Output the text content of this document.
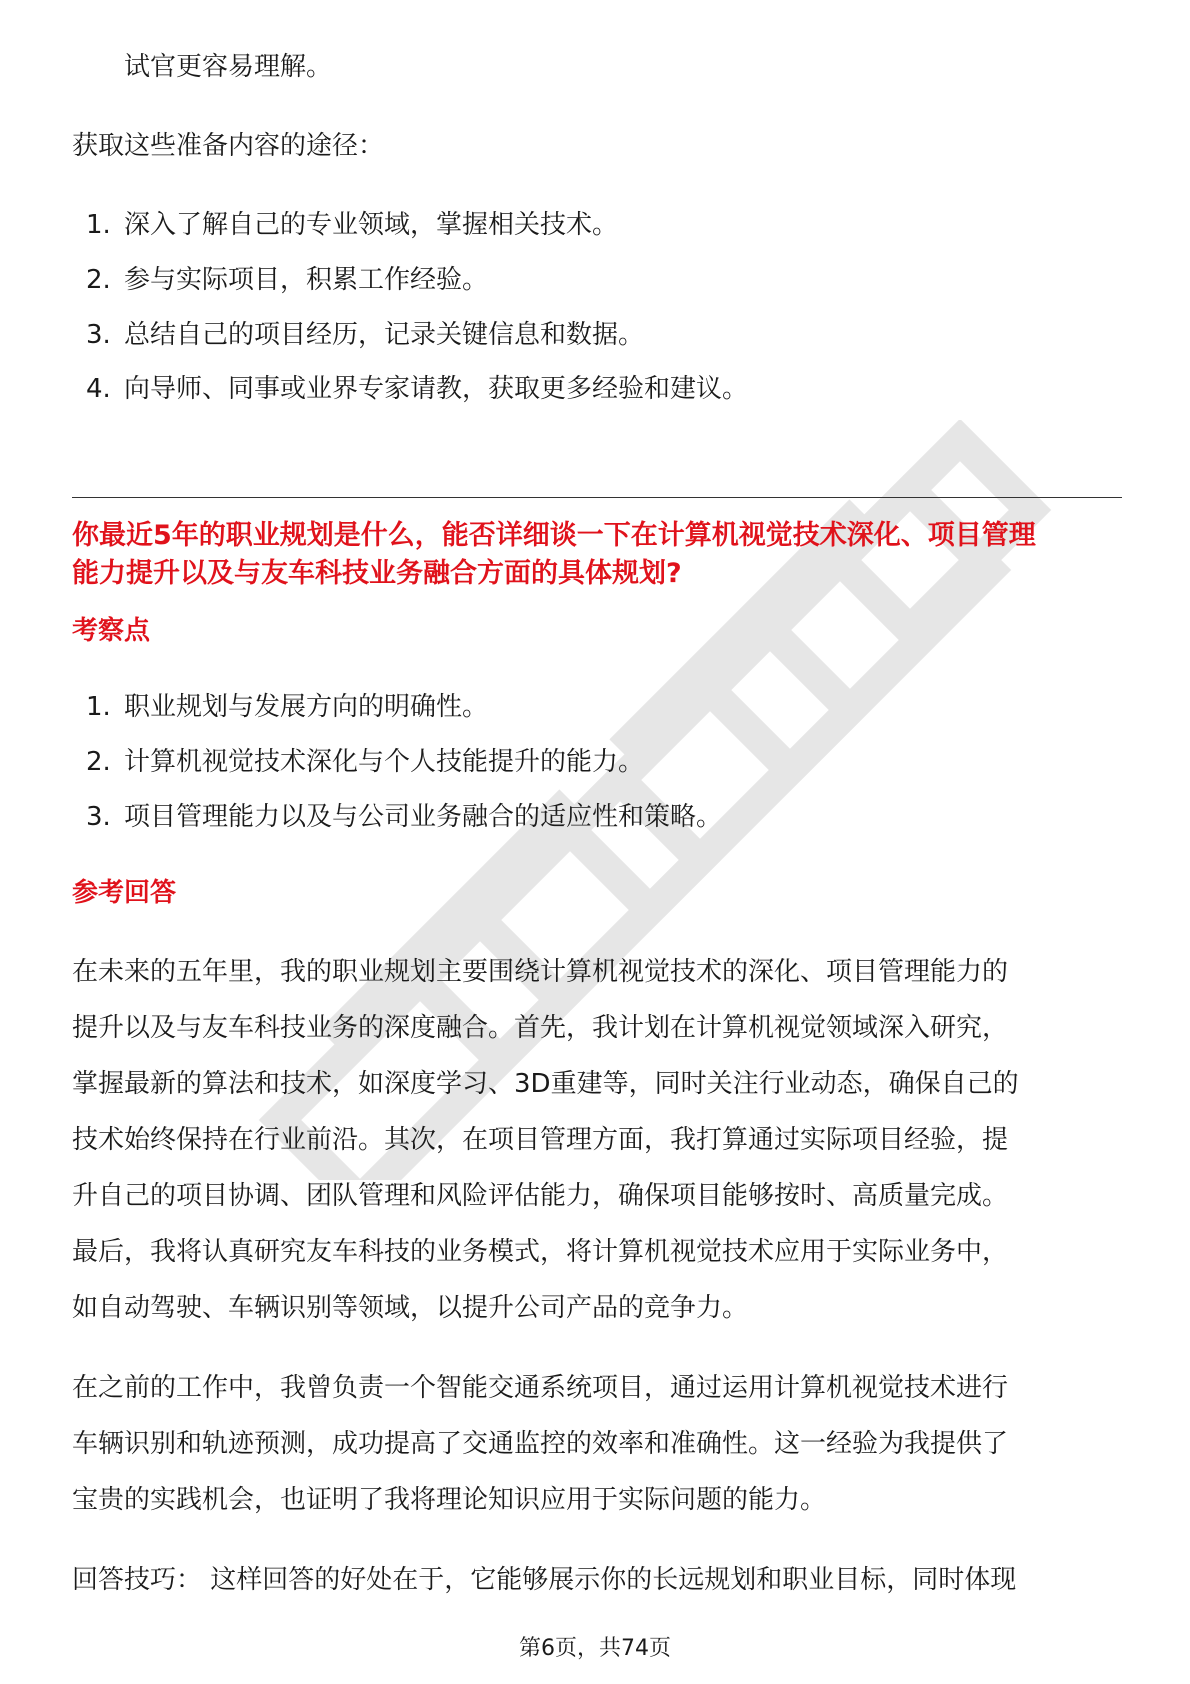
试官更容易理解。
获取这些准备内容的途径：
1. 深入了解自己的专业领域，掌握相关技术。
2. 参与实际项目，积累工作经验。
3. 总结自己的项目经历，记录关键信息和数据。
4. 向导师、同事或业界专家请教，获取更多经验和建议。
你最近5年的职业规划是什么，能否详细谈一下在计算机视觉技术深化、项目管理
能力提升以及与友车科技业务融合方面的具体规划?
考察点
1. 职业规划与发展方向的明确性。
2. 计算机视觉技术深化与个人技能提升的能力。
3. 项目管理能力以及与公司业务融合的适应性和策略。
参考回答
在未来的五年里，我的职业规划主要围绕计算机视觉技术的深化、项目管理能力的
提升以及与友车科技业务的深度融合。首先，我计划在计算机视觉领域深入研究，
掌握最新的算法和技术，如深度学习、3D重建等，同时关注行业动态，确保自己的
技术始终保持在行业前沿。其次，在项目管理方面，我打算通过实际项目经验，提
升自己的项目协调、团队管理和风险评估能力，确保项目能够按时、高质量完成。
最后，我将认真研究友车科技的业务模式，将计算机视觉技术应用于实际业务中，
如自动驾驶、车辆识别等领域，以提升公司产品的竞争力。
在之前的工作中，我曾负责一个智能交通系统项目，通过运用计算机视觉技术进行
车辆识别和轨迹预测，成功提高了交通监控的效率和准确性。这一经验为我提供了
宝贵的实践机会，也证明了我将理论知识应用于实际问题的能力。
回答技巧： 这样回答的好处在于，它能够展示你的长远规划和职业目标，同时体现
第6页，共74页
